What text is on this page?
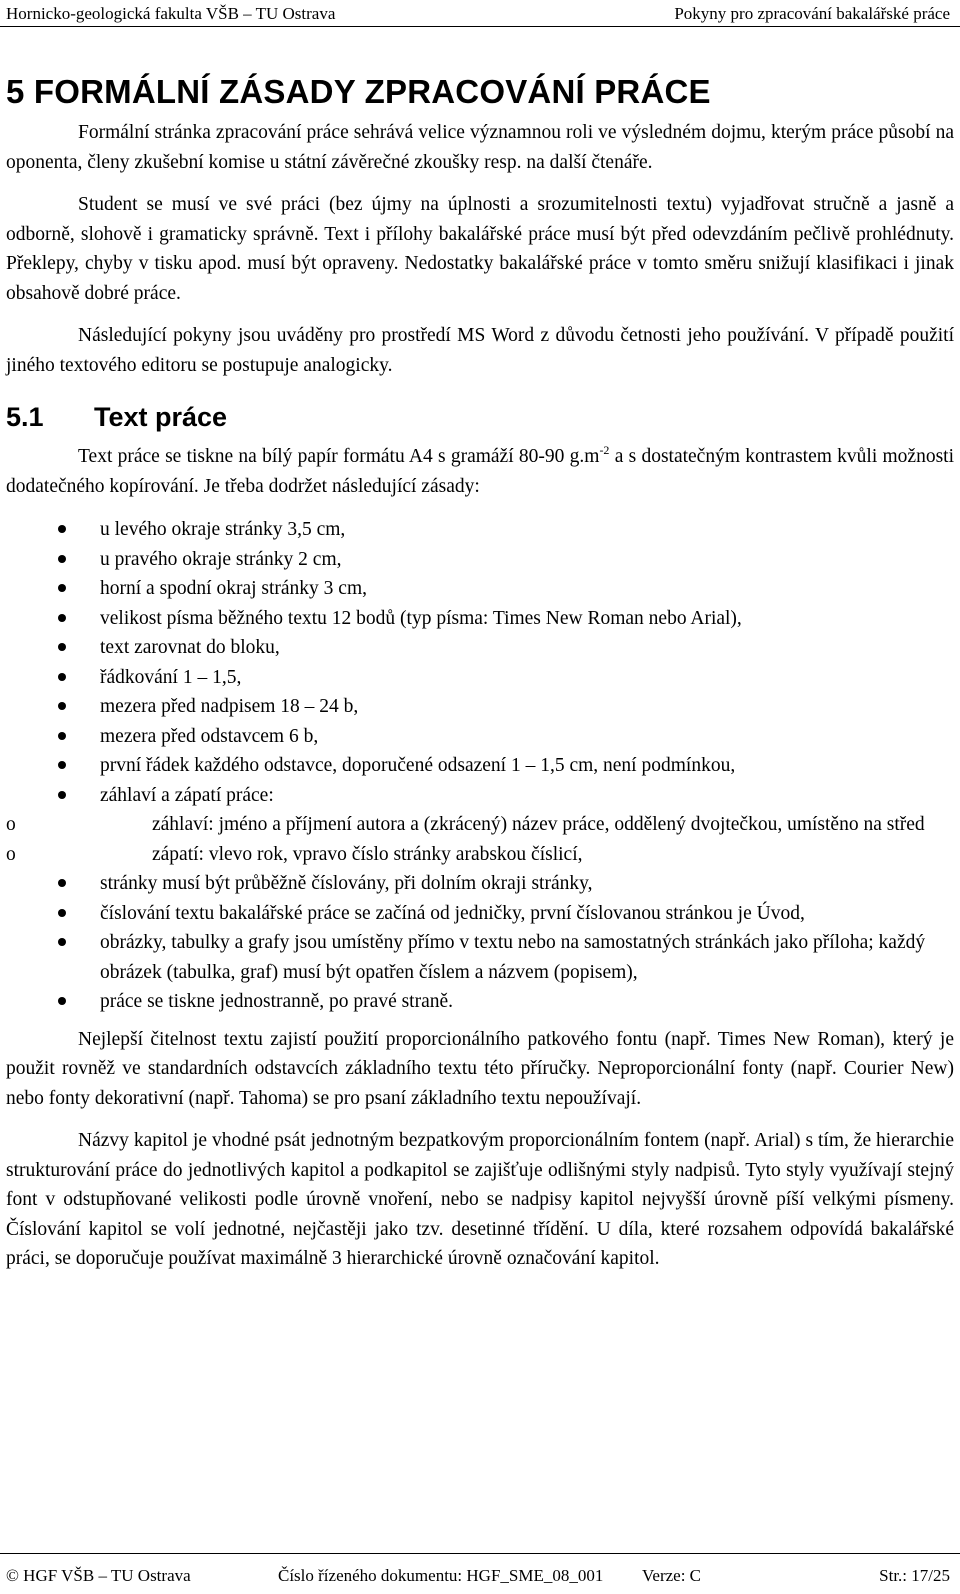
Hornicko-geologická fakulta VŠB – TU Ostrava	Pokyny pro zpracování bakalářské práce
5 FORMÁLNÍ ZÁSADY ZPRACOVÁNÍ PRÁCE

Formální stránka zpracování práce sehrává velice významnou roli ve výsledném dojmu, kterým práce působí na oponenta, členy zkušební komise u státní závěrečné zkoušky resp. na další čtenáře.

Student se musí ve své práci (bez újmy na úplnosti a srozumitelnosti textu) vyjadřovat stručně a jasně a odborně, slohově i gramaticky správně. Text i přílohy bakalářské práce musí být před odevzdáním pečlivě prohlédnuty. Překlepy, chyby v tisku apod. musí být opraveny. Nedostatky bakalářské práce v tomto směru snižují klasifikaci i jinak obsahově dobré práce.

Následující pokyny jsou uváděny pro prostředí MS Word z důvodu četnosti jeho používání. V případě použití jiného textového editoru se postupuje analogicky.

5.1 Text práce

Text práce se tiskne na bílý papír formátu A4 s gramáží 80-90 $g.m^{-2}$ a s dostatečným kontrastem kvůli možnosti dodatečného kopírování. Je třeba dodržet následující zásady:

u levého okraje stránky 3,5 cm,
u pravého okraje stránky 2 cm,
horní a spodní okraj stránky 3 cm,
velikost písma běžného textu 12 bodů (typ písma: Times New Roman nebo Arial),
text zarovnat do bloku,
řádkování 1 – 1,5,
mezera před nadpisem 18 – 24 b,
mezera před odstavcem 6 b,
první řádek každého odstavce, doporučené odsazení 1 – 1,5 cm, není podmínkou,
záhlaví a zápatí práce:
o	záhlaví: jméno a příjmení autora a (zkrácený) název práce, oddělený dvojtečkou, umístěno na střed
o	zápatí: vlevo rok, vpravo číslo stránky arabskou číslicí,
stránky musí být průběžně číslovány, při dolním okraji stránky,
číslování textu bakalářské práce se začíná od jedničky, první číslovanou stránkou je Úvod,
obrázky, tabulky a grafy jsou umístěny přímo v textu nebo na samostatných stránkách jako příloha; každý obrázek (tabulka, graf) musí být opatřen číslem a názvem (popisem),
práce se tiskne jednostranně, po pravé straně.

Nejlepší čitelnost textu zajistí použití proporcionálního patkového fontu (např. Times New Roman), který je použit rovněž ve standardních odstavcích základního textu této příručky. Neproporcionální fonty (např. Courier New) nebo fonty dekorativní (např. Tahoma) se pro psaní základního textu nepoužívají.

Názvy kapitol je vhodné psát jednotným bezpatkovým proporcionálním fontem (např. Arial) s tím, že hierarchie strukturování práce do jednotlivých kapitol a podkapitol se zajišťuje odlišnými styly nadpisů. Tyto styly využívají stejný font v odstupňované velikosti podle úrovně vnoření, nebo se nadpisy kapitol nejvyšší úrovně píší velkými písmeny. Číslování kapitol se volí jednotné, nejčastěji jako tzv. desetinné třídění. U díla, které rozsahem odpovídá bakalářské práci, se doporučuje používat maximálně 3 hierarchické úrovně označování kapitol.

© HGF VŠB – TU Ostrava	Číslo řízeného dokumentu: HGF_SME_08_001 Verze: C	Str.: 17/25
